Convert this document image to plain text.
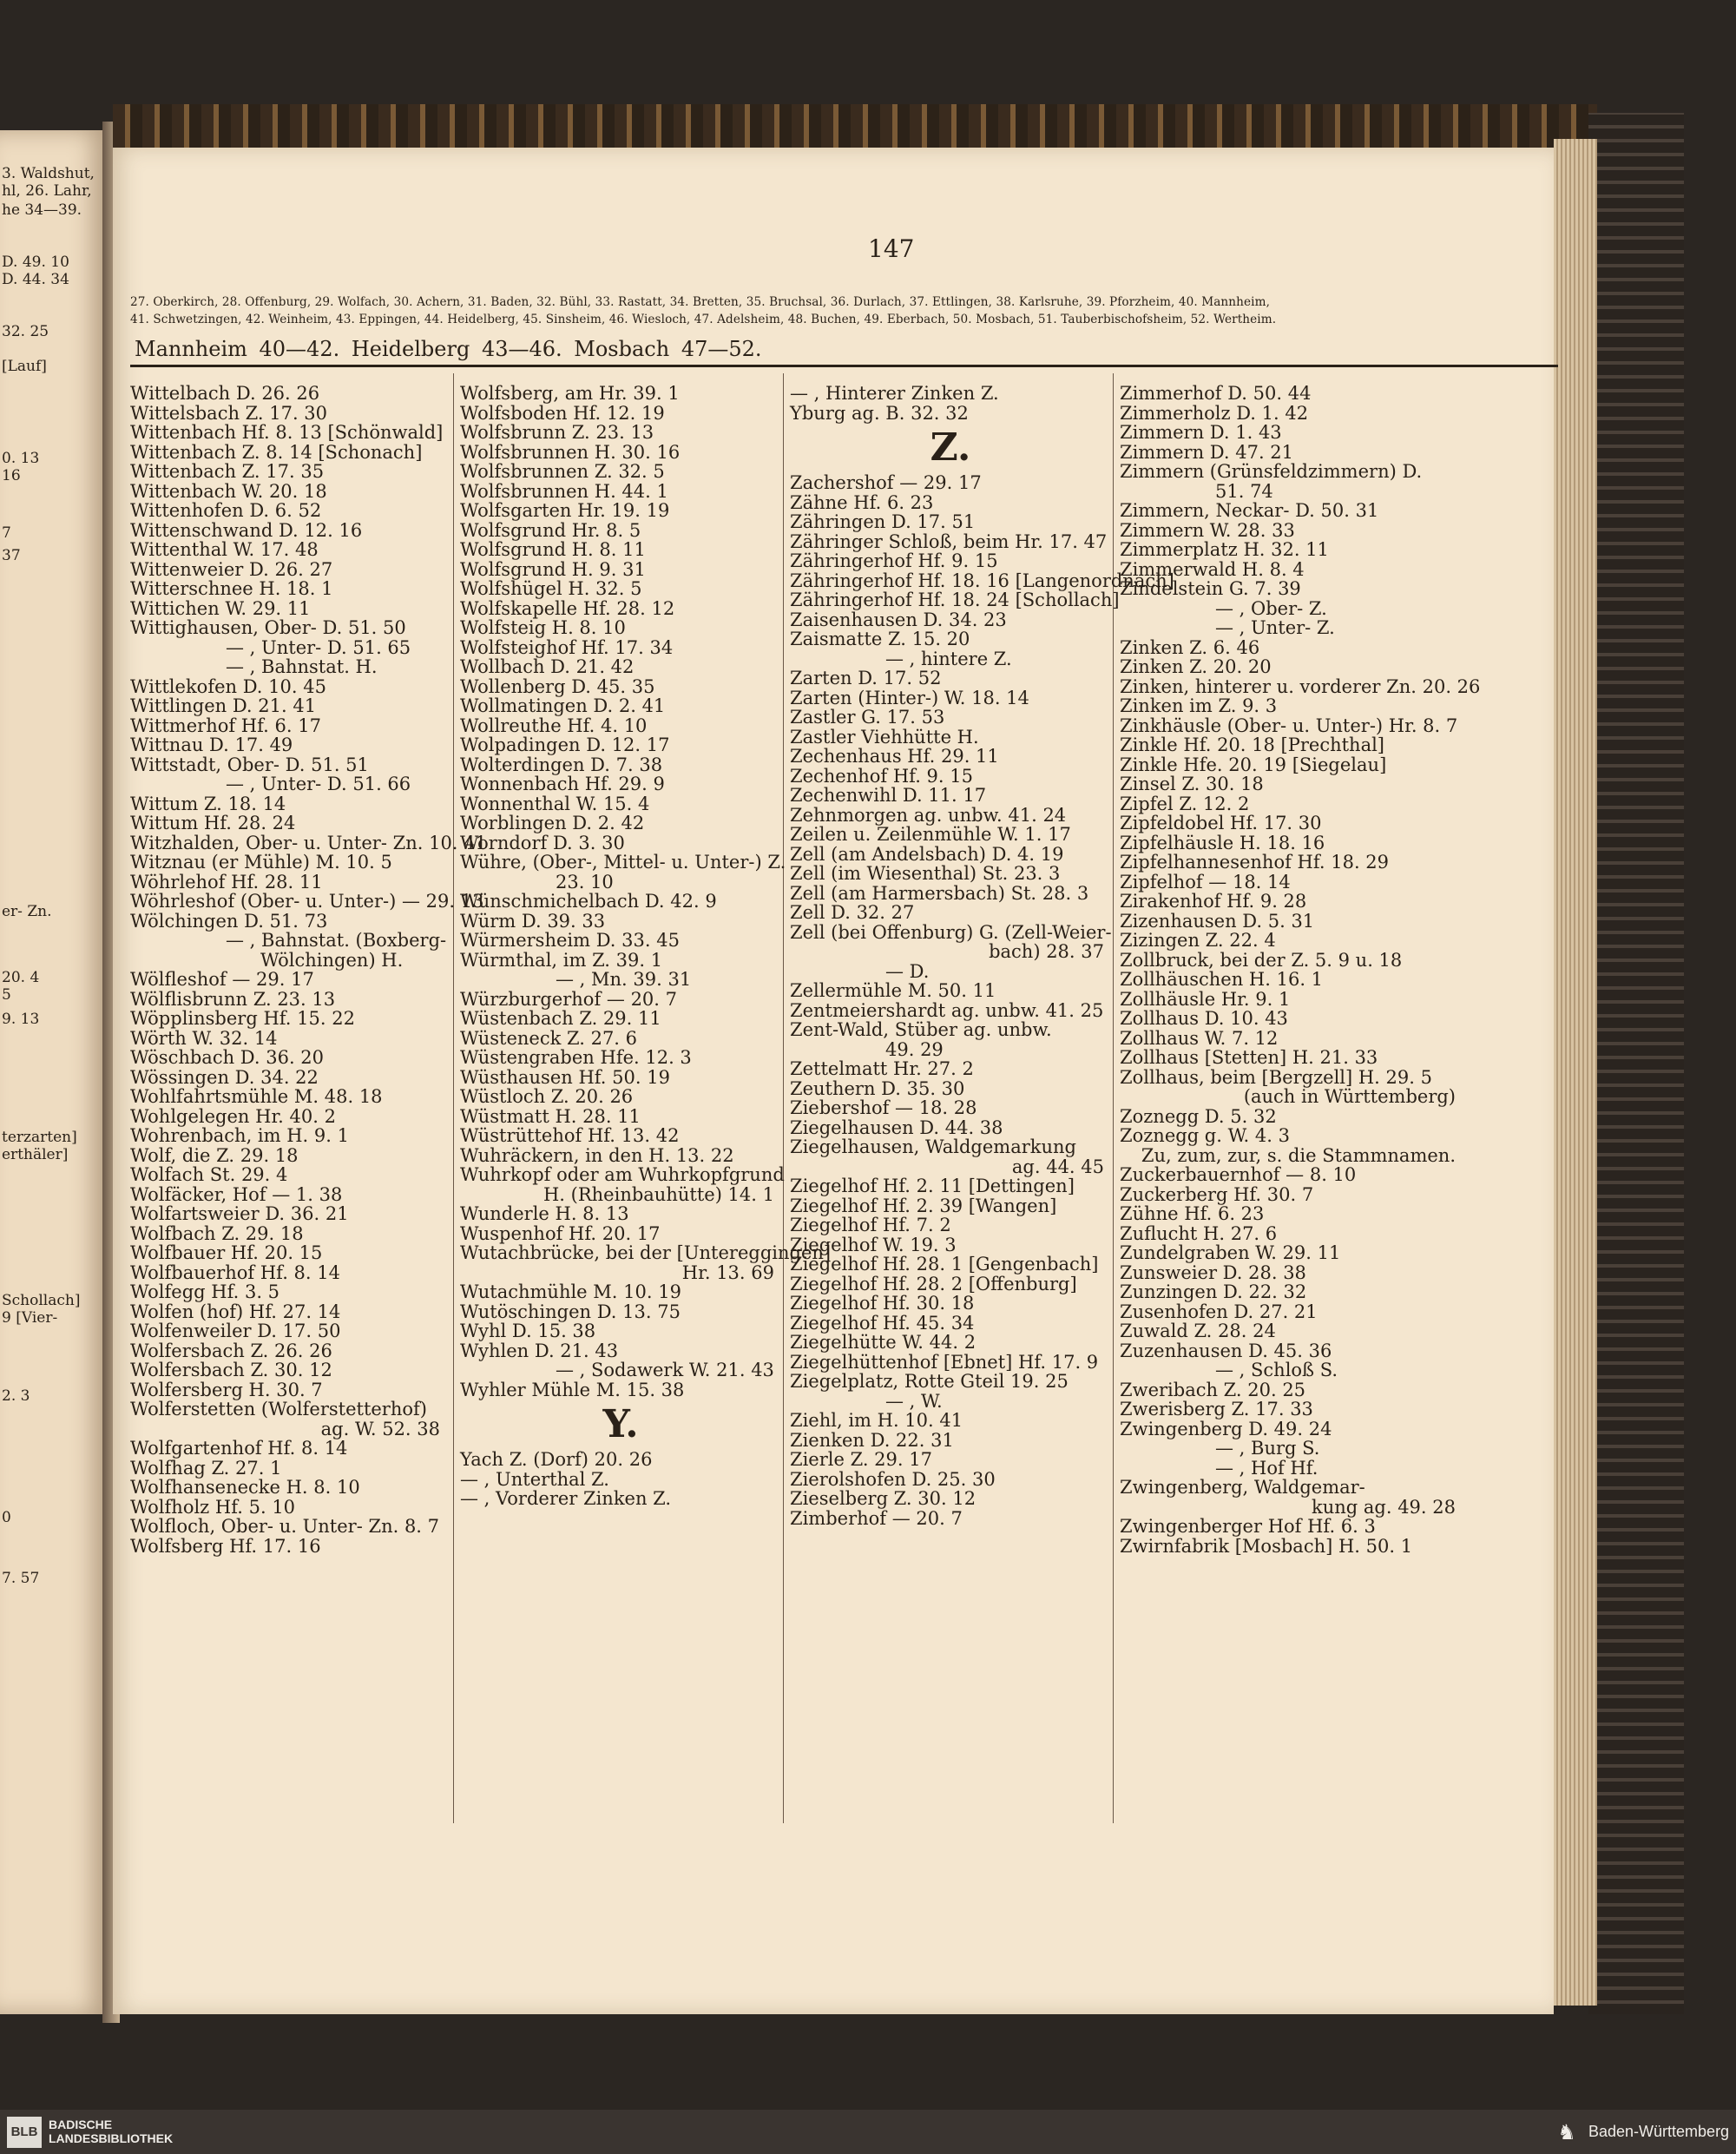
3. Waldshut,
hl, 26. Lahr,
he 34—39.
D. 49. 10
D. 44. 34
32. 25
[Lauf]
0. 13
16
7
37
er- Zn.
20. 4
5
9. 13
terzarten]
erthäler]
Schollach]
9 [Vier-
2. 3
0
7. 57
147
27. Oberkirch, 28. Offenburg, 29. Wolfach, 30. Achern, 31. Baden, 32. Bühl, 33. Rastatt, 34. Bretten, 35. Bruchsal, 36. Durlach, 37. Ettlingen, 38. Karlsruhe, 39. Pforzheim, 40. Mannheim,
41. Schwetzingen, 42. Weinheim, 43. Eppingen, 44. Heidelberg, 45. Sinsheim, 46. Wiesloch, 47. Adelsheim, 48. Buchen, 49. Eberbach, 50. Mosbach, 51. Tauberbischofsheim, 52. Wertheim.
Mannheim 40—42. Heidelberg 43—46. Mosbach 47—52.
Wittelbach D. 26. 26
Wittelsbach Z. 17. 30
Wittenbach Hf. 8. 13 [Schönwald]
Wittenbach Z. 8. 14 [Schonach]
Wittenbach Z. 17. 35
Wittenbach W. 20. 18
Wittenhofen D. 6. 52
Wittenschwand D. 12. 16
Wittenthal W. 17. 48
Wittenweier D. 26. 27
Witterschnee H. 18. 1
Wittichen W. 29. 11
Wittighausen, Ober- D. 51. 50
— , Unter- D. 51. 65
— , Bahnstat. H.
Wittlekofen D. 10. 45
Wittlingen D. 21. 41
Wittmerhof Hf. 6. 17
Wittnau D. 17. 49
Wittstadt, Ober- D. 51. 51
— , Unter- D. 51. 66
Wittum Z. 18. 14
Wittum Hf. 28. 24
Witzhalden, Ober- u. Unter- Zn. 10. 41
Witznau (er Mühle) M. 10. 5
Wöhrlehof Hf. 28. 11
Wöhrleshof (Ober- u. Unter-) — 29. 13
Wölchingen D. 51. 73
— , Bahnstat. (Boxberg-
Wölchingen) H.
Wölfleshof — 29. 17
Wölflisbrunn Z. 23. 13
Wöpplinsberg Hf. 15. 22
Wörth W. 32. 14
Wöschbach D. 36. 20
Wössingen D. 34. 22
Wohlfahrtsmühle M. 48. 18
Wohlgelegen Hr. 40. 2
Wohrenbach, im H. 9. 1
Wolf, die Z. 29. 18
Wolfach St. 29. 4
Wolfäcker, Hof — 1. 38
Wolfartsweier D. 36. 21
Wolfbach Z. 29. 18
Wolfbauer Hf. 20. 15
Wolfbauerhof Hf. 8. 14
Wolfegg Hf. 3. 5
Wolfen (hof) Hf. 27. 14
Wolfenweiler D. 17. 50
Wolfersbach Z. 26. 26
Wolfersbach Z. 30. 12
Wolfersberg H. 30. 7
Wolferstetten (Wolferstetterhof)
ag. W. 52. 38
Wolfgartenhof Hf. 8. 14
Wolfhag Z. 27. 1
Wolfhansenecke H. 8. 10
Wolfholz Hf. 5. 10
Wolfloch, Ober- u. Unter- Zn. 8. 7
Wolfsberg Hf. 17. 16
Wolfsberg, am Hr. 39. 1
Wolfsboden Hf. 12. 19
Wolfsbrunn Z. 23. 13
Wolfsbrunnen H. 30. 16
Wolfsbrunnen Z. 32. 5
Wolfsbrunnen H. 44. 1
Wolfsgarten Hr. 19. 19
Wolfsgrund Hr. 8. 5
Wolfsgrund H. 8. 11
Wolfsgrund H. 9. 31
Wolfshügel H. 32. 5
Wolfskapelle Hf. 28. 12
Wolfsteig H. 8. 10
Wolfsteighof Hf. 17. 34
Wollbach D. 21. 42
Wollenberg D. 45. 35
Wollmatingen D. 2. 41
Wollreuthe Hf. 4. 10
Wolpadingen D. 12. 17
Wolterdingen D. 7. 38
Wonnenbach Hf. 29. 9
Wonnenthal W. 15. 4
Worblingen D. 2. 42
Worndorf D. 3. 30
Wühre, (Ober-, Mittel- u. Unter-) Z.
23. 10
Wünschmichelbach D. 42. 9
Würm D. 39. 33
Würmersheim D. 33. 45
Würmthal, im Z. 39. 1
— , Mn. 39. 31
Würzburgerhof — 20. 7
Wüstenbach Z. 29. 11
Wüsteneck Z. 27. 6
Wüstengraben Hfe. 12. 3
Wüsthausen Hf. 50. 19
Wüstloch Z. 20. 26
Wüstmatt H. 28. 11
Wüstrüttehof Hf. 13. 42
Wuhräckern, in den H. 13. 22
Wuhrkopf oder am Wuhrkopfgrund
H. (Rheinbauhütte) 14. 1
Wunderle H. 8. 13
Wuspenhof Hf. 20. 17
Wutachbrücke, bei der [Untereggingen]
Hr. 13. 69
Wutachmühle M. 10. 19
Wutöschingen D. 13. 75
Wyhl D. 15. 38
Wyhlen D. 21. 43
— , Sodawerk W. 21. 43
Wyhler Mühle M. 15. 38
Y.
Yach Z. (Dorf) 20. 26
— , Unterthal Z.
— , Vorderer Zinken Z.
— , Hinterer Zinken Z.
Yburg ag. B. 32. 32
Z.
Zachershof — 29. 17
Zähne Hf. 6. 23
Zähringen D. 17. 51
Zähringer Schloß, beim Hr. 17. 47
Zähringerhof Hf. 9. 15
Zähringerhof Hf. 18. 16 [Langenordnach]
Zähringerhof Hf. 18. 24 [Schollach]
Zaisenhausen D. 34. 23
Zaismatte Z. 15. 20
— , hintere Z.
Zarten D. 17. 52
Zarten (Hinter-) W. 18. 14
Zastler G. 17. 53
Zastler Viehhütte H.
Zechenhaus Hf. 29. 11
Zechenhof Hf. 9. 15
Zechenwihl D. 11. 17
Zehnmorgen ag. unbw. 41. 24
Zeilen u. Zeilenmühle W. 1. 17
Zell (am Andelsbach) D. 4. 19
Zell (im Wiesenthal) St. 23. 3
Zell (am Harmersbach) St. 28. 3
Zell D. 32. 27
Zell (bei Offenburg) G. (Zell-Weier-
bach) 28. 37
— D.
Zellermühle M. 50. 11
Zentmeiershardt ag. unbw. 41. 25
Zent-Wald, Stüber ag. unbw.
49. 29
Zettelmatt Hr. 27. 2
Zeuthern D. 35. 30
Ziebershof — 18. 28
Ziegelhausen D. 44. 38
Ziegelhausen, Waldgemarkung
ag. 44. 45
Ziegelhof Hf. 2. 11 [Dettingen]
Ziegelhof Hf. 2. 39 [Wangen]
Ziegelhof Hf. 7. 2
Ziegelhof W. 19. 3
Ziegelhof Hf. 28. 1 [Gengenbach]
Ziegelhof Hf. 28. 2 [Offenburg]
Ziegelhof Hf. 30. 18
Ziegelhof Hf. 45. 34
Ziegelhütte W. 44. 2
Ziegelhüttenhof [Ebnet] Hf. 17. 9
Ziegelplatz, Rotte Gteil 19. 25
— , W.
Ziehl, im H. 10. 41
Zienken D. 22. 31
Zierle Z. 29. 17
Zierolshofen D. 25. 30
Zieselberg Z. 30. 12
Zimberhof — 20. 7
Zimmerhof D. 50. 44
Zimmerholz D. 1. 42
Zimmern D. 1. 43
Zimmern D. 47. 21
Zimmern (Grünsfeldzimmern) D.
51. 74
Zimmern, Neckar- D. 50. 31
Zimmern W. 28. 33
Zimmerplatz H. 32. 11
Zimmerwald H. 8. 4
Zindelstein G. 7. 39
— , Ober- Z.
— , Unter- Z.
Zinken Z. 6. 46
Zinken Z. 20. 20
Zinken, hinterer u. vorderer Zn. 20. 26
Zinken im Z. 9. 3
Zinkhäusle (Ober- u. Unter-) Hr. 8. 7
Zinkle Hf. 20. 18 [Prechthal]
Zinkle Hfe. 20. 19 [Siegelau]
Zinsel Z. 30. 18
Zipfel Z. 12. 2
Zipfeldobel Hf. 17. 30
Zipfelhäusle H. 18. 16
Zipfelhannesenhof Hf. 18. 29
Zipfelhof — 18. 14
Zirakenhof Hf. 9. 28
Zizenhausen D. 5. 31
Zizingen Z. 22. 4
Zollbruck, bei der Z. 5. 9 u. 18
Zollhäuschen H. 16. 1
Zollhäusle Hr. 9. 1
Zollhaus D. 10. 43
Zollhaus W. 7. 12
Zollhaus [Stetten] H. 21. 33
Zollhaus, beim [Bergzell] H. 29. 5
(auch in Württemberg)
Zoznegg D. 5. 32
Zoznegg g. W. 4. 3
Zu, zum, zur, s. die Stammnamen.
Zuckerbauernhof — 8. 10
Zuckerberg Hf. 30. 7
Zühne Hf. 6. 23
Zuflucht H. 27. 6
Zundelgraben W. 29. 11
Zunsweier D. 28. 38
Zunzingen D. 22. 32
Zusenhofen D. 27. 21
Zuwald Z. 28. 24
Zuzenhausen D. 45. 36
— , Schloß S.
Zweribach Z. 20. 25
Zwerisberg Z. 17. 33
Zwingenberg D. 49. 24
— , Burg S.
— , Hof Hf.
Zwingenberg, Waldgemar-
kung ag. 49. 28
Zwingenberger Hof Hf. 6. 3
Zwirnfabrik [Mosbach] H. 50. 1
BLB BADISCHE
LANDESBIBLIOTHEK	♞ Baden-Württemberg
